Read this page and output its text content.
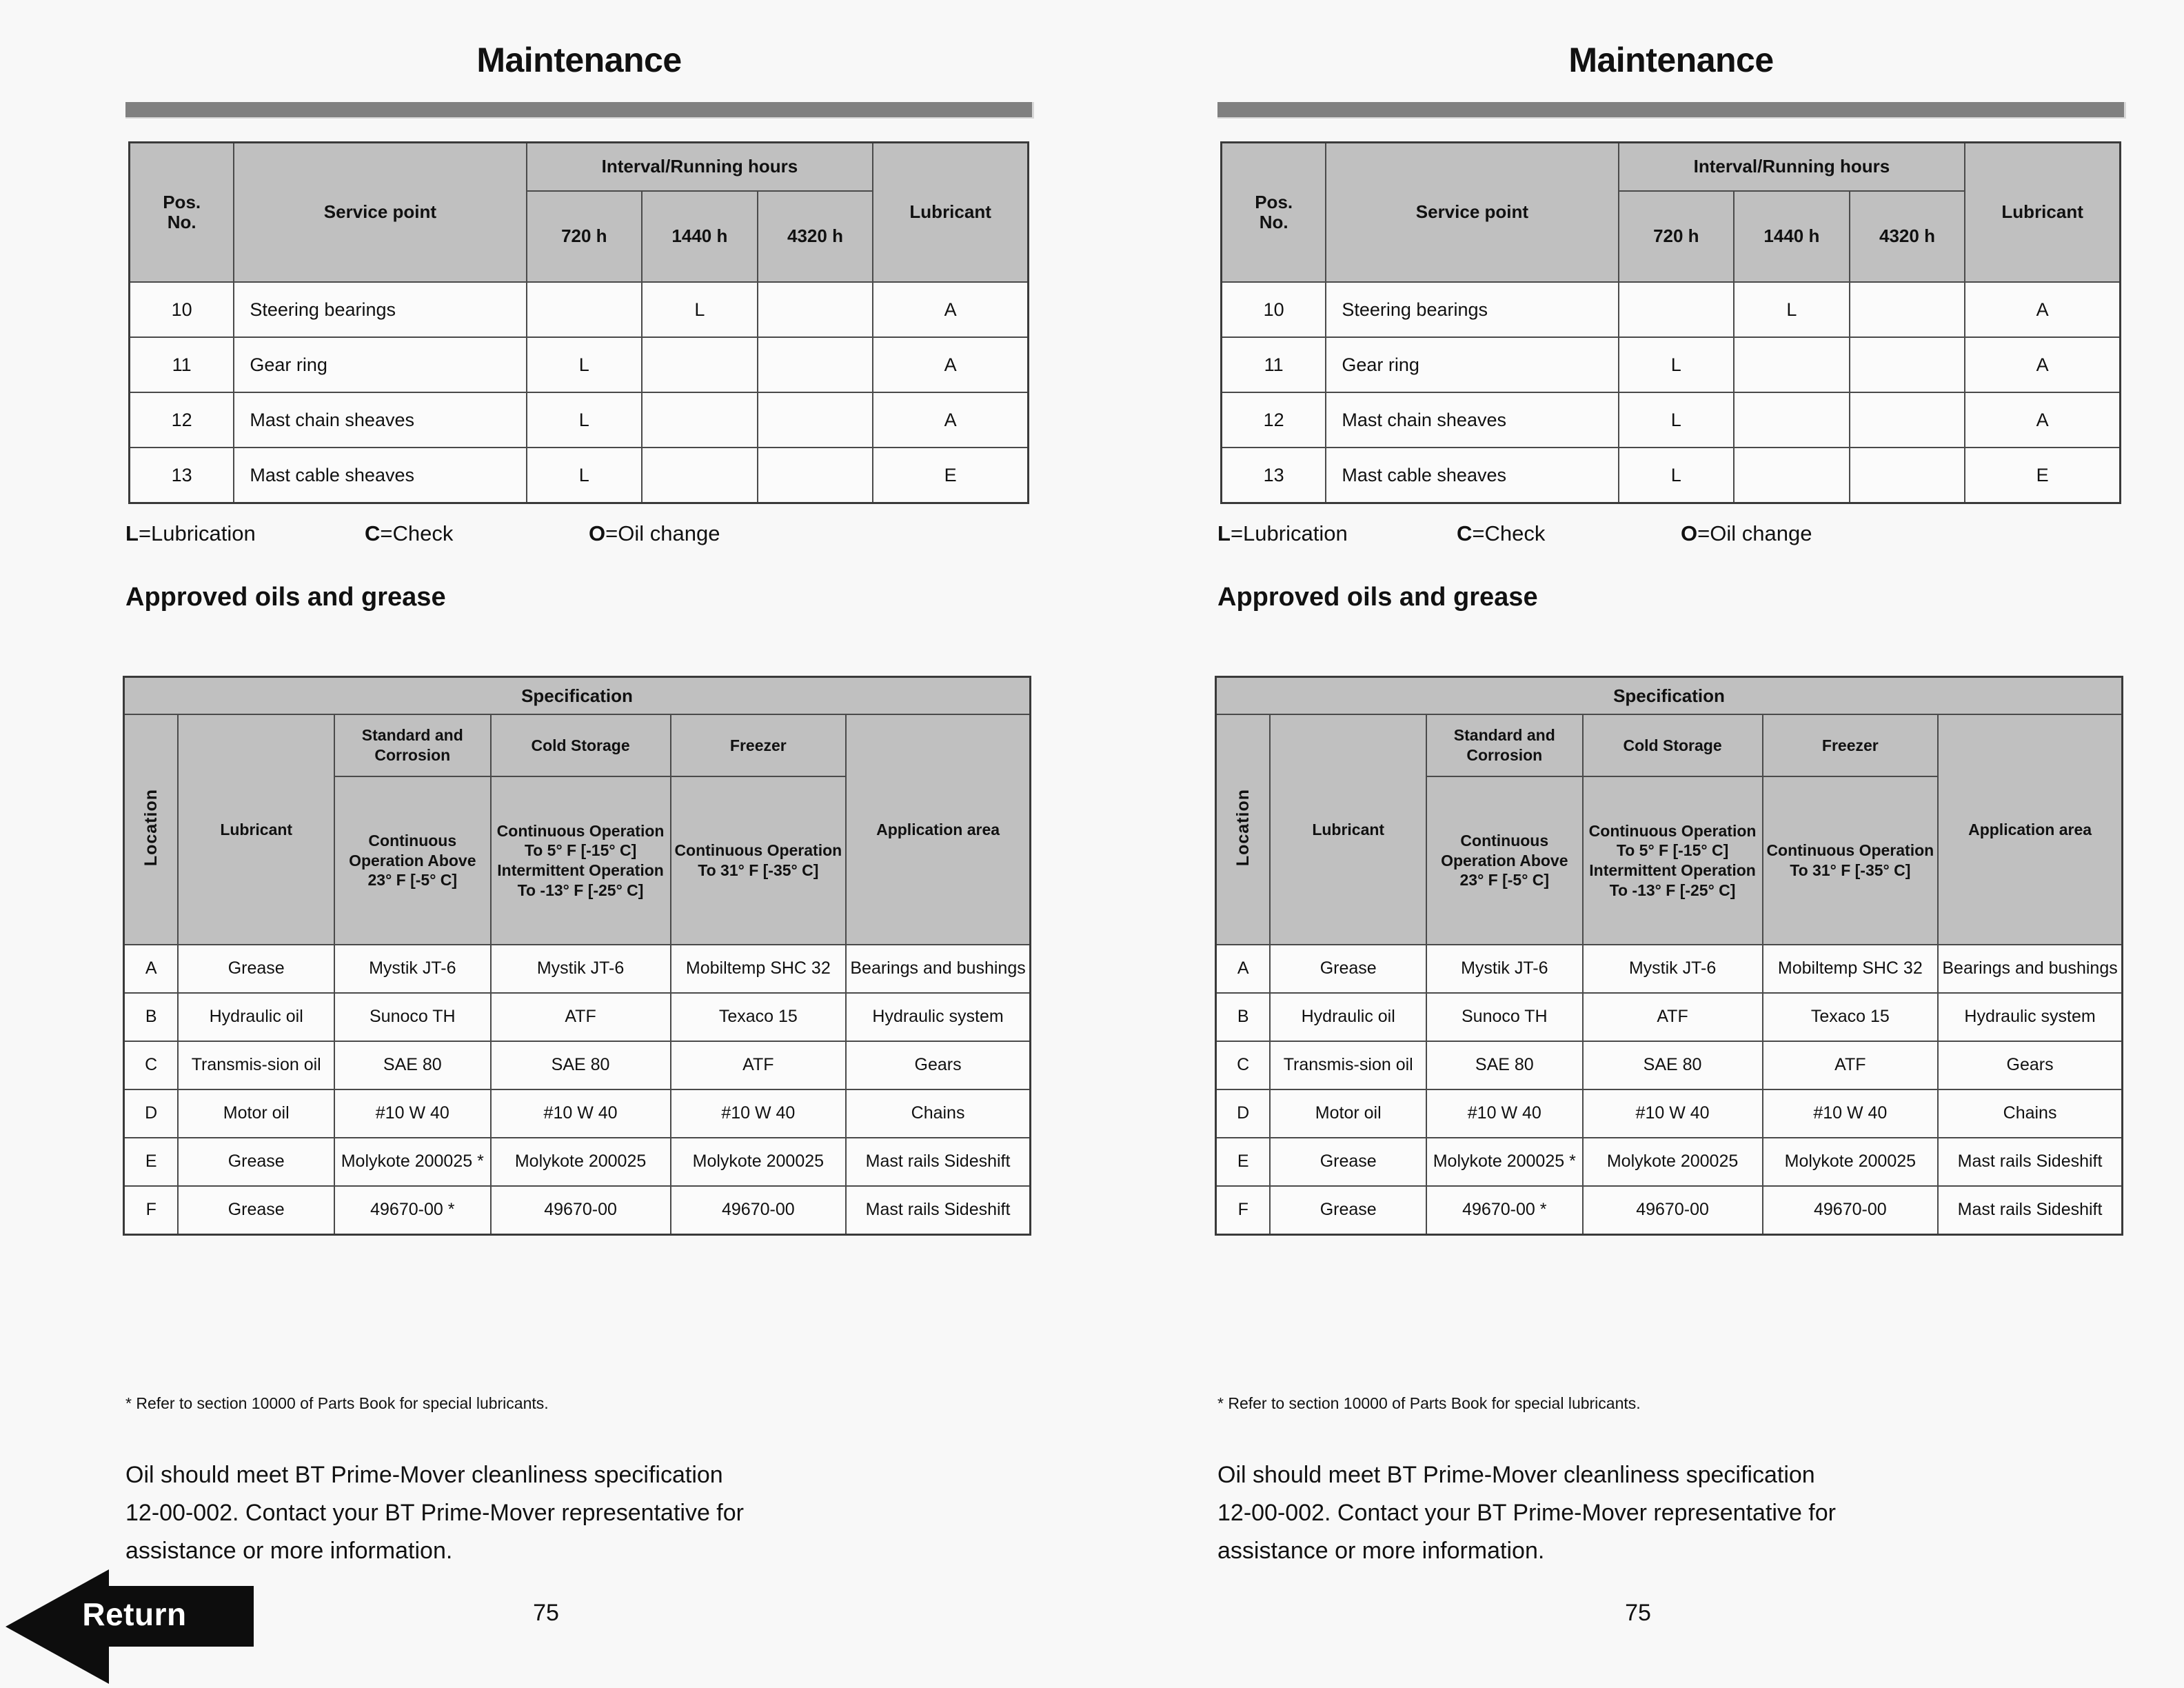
Maintenance
Pos.
No.	Service point	Interval/Running hours			Lubricant
		720 h	1440 h	4320 h	
10	Steering bearings		L		A
11	Gear ring	L			A
12	Mast chain sheaves	L			A
13	Mast cable sheaves	L			E
L=Lubrication	C=Check	O=Oil change
Approved oils and grease
Specification					
Location	Lubricant	Standard and Corrosion	Cold Storage	Freezer	Application area
		Continuous Operation Above 23° F [-5° C]	Continuous Operation To 5° F [-15° C] Intermittent Operation To -13° F [-25° C]	Continuous Operation To 31° F [-35° C]	
A	Grease	Mystik JT-6	Mystik JT-6	Mobiltemp SHC 32	Bearings and bushings
B	Hydraulic oil	Sunoco TH	ATF	Texaco 15	Hydraulic system
C	Transmis-sion oil	SAE 80	SAE 80	ATF	Gears
D	Motor oil	#10 W 40	#10 W 40	#10 W 40	Chains
E	Grease	Molykote 200025 *	Molykote 200025	Molykote 200025	Mast rails Sideshift
F	Grease	49670-00 *	49670-00	49670-00	Mast rails Sideshift
* Refer to section 10000 of Parts Book for special lubricants.
Oil should meet BT Prime-Mover cleanliness specification
12-00-002. Contact your BT Prime-Mover representative for
assistance or more information.
75
Return
Maintenance
Pos.
No.	Service point	Interval/Running hours			Lubricant
		720 h	1440 h	4320 h	
10	Steering bearings		L		A
11	Gear ring	L			A
12	Mast chain sheaves	L			A
13	Mast cable sheaves	L			E
L=Lubrication	C=Check	O=Oil change
Approved oils and grease
Specification					
Location	Lubricant	Standard and Corrosion	Cold Storage	Freezer	Application area
		Continuous Operation Above 23° F [-5° C]	Continuous Operation To 5° F [-15° C] Intermittent Operation To -13° F [-25° C]	Continuous Operation To 31° F [-35° C]	
A	Grease	Mystik JT-6	Mystik JT-6	Mobiltemp SHC 32	Bearings and bushings
B	Hydraulic oil	Sunoco TH	ATF	Texaco 15	Hydraulic system
C	Transmis-sion oil	SAE 80	SAE 80	ATF	Gears
D	Motor oil	#10 W 40	#10 W 40	#10 W 40	Chains
E	Grease	Molykote 200025 *	Molykote 200025	Molykote 200025	Mast rails Sideshift
F	Grease	49670-00 *	49670-00	49670-00	Mast rails Sideshift
* Refer to section 10000 of Parts Book for special lubricants.
Oil should meet BT Prime-Mover cleanliness specification
12-00-002. Contact your BT Prime-Mover representative for
assistance or more information.
75
